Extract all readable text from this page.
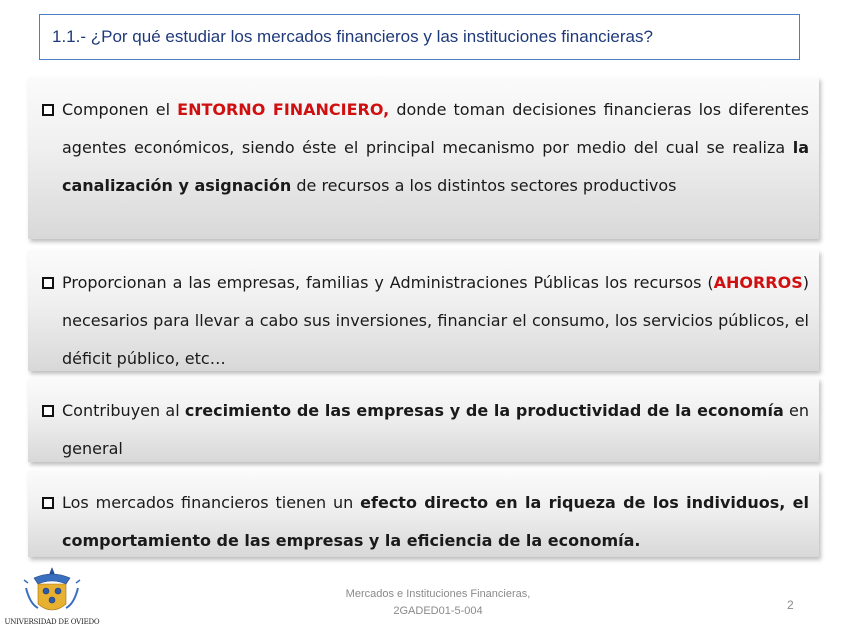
1.1.- ¿Por qué estudiar los mercados financieros y las instituciones financieras?
Componen el ENTORNO FINANCIERO, donde toman decisiones financieras los diferentes agentes económicos, siendo éste el principal mecanismo por medio del cual se realiza la canalización y asignación de recursos a los distintos sectores productivos
Proporcionan a las empresas, familias y Administraciones Públicas los recursos (AHORROS) necesarios para llevar a cabo sus inversiones, financiar el consumo, los servicios públicos, el déficit público, etc…
Contribuyen al crecimiento de las empresas y de la productividad de la economía en general
Los mercados financieros tienen un efecto directo en la riqueza de los individuos, el comportamiento de las empresas y la eficiencia de la economía.
UNIVERSIDAD DE OVIEDO
Mercados e Instituciones Financieras,
2GADED01-5-004	2
